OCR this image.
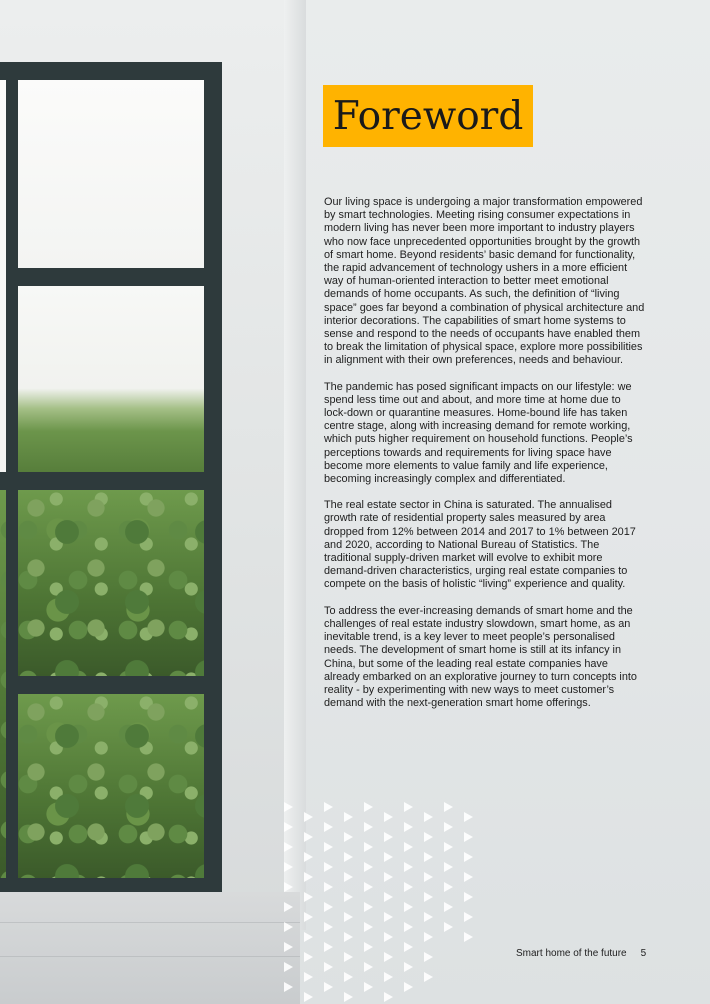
Foreword

Our living space is undergoing a major transformation empowered by smart technologies. Meeting rising consumer expectations in modern living has never been more important to industry players who now face unprecedented opportunities brought by the growth of smart home. Beyond residents’ basic demand for functionality, the rapid advancement of technology ushers in a more efficient way of human-oriented interaction to better meet emotional demands of home occupants. As such, the definition of “living space” goes far beyond a combination of physical architecture and interior decorations. The capabilities of smart home systems to sense and respond to the needs of occupants have enabled them to break the limitation of physical space, explore more possibilities in alignment with their own preferences, needs and behaviour.

The pandemic has posed significant impacts on our lifestyle: we spend less time out and about, and more time at home due to lock-down or quarantine measures. Home-bound life has taken centre stage, along with increasing demand for remote working, which puts higher requirement on household functions. People’s perceptions towards and requirements for living space have become more elements to value family and life experience, becoming increasingly complex and differentiated.

The real estate sector in China is saturated. The annualised growth rate of residential property sales measured by area dropped from 12% between 2014 and 2017 to 1% between 2017 and 2020, according to National Bureau of Statistics. The traditional supply-driven market will evolve to exhibit more demand-driven characteristics, urging real estate companies to compete on the basis of holistic “living” experience and quality.

To address the ever-increasing demands of smart home and the challenges of real estate industry slowdown, smart home, as an inevitable trend, is a key lever to meet people’s personalised needs. The development of smart home is still at its infancy in China, but some of the leading real estate companies have already embarked on an explorative journey to turn concepts into reality - by experimenting with new ways to meet customer’s demand with the next-generation smart home offerings.

Smart home of the future 5
